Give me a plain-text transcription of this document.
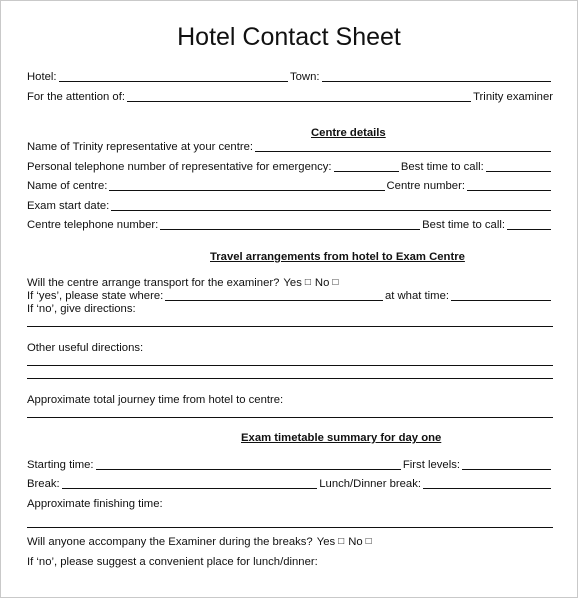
Hotel Contact Sheet
Hotel:	Town:
For the attention of:	Trinity examiner
Centre details
Name of Trinity representative at your centre:
Personal telephone number of representative for emergency:	Best time to call:
Name of centre:	Centre number:
Exam start date:
Centre telephone number:	Best time to call:
Travel arrangements from hotel to Exam Centre
Will the centre arrange transport for the examiner? Yes □ No □
If ‘yes’, please state where:	at what time:
If ‘no’, give directions:
Other useful directions:
Approximate total journey time from hotel to centre:
Exam timetable summary for day one
Starting time:	First levels:
Break:	Lunch/Dinner break:
Approximate finishing time:
Will anyone accompany the Examiner during the breaks? Yes □ No □
If ‘no’, please suggest a convenient place for lunch/dinner:
